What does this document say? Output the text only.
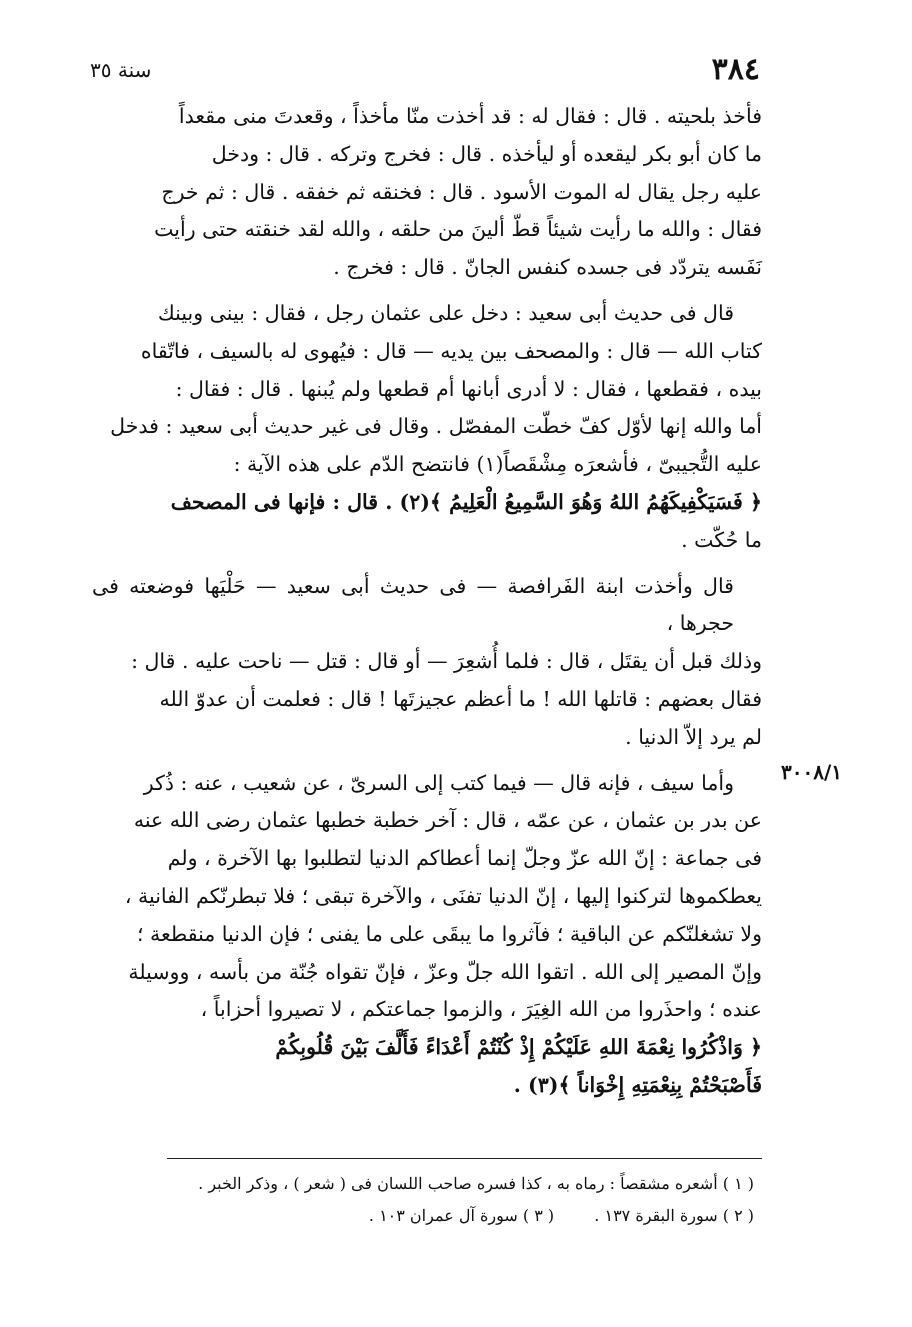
٣٨٤
سنة ٣٥
٣٠٠٨/١
فأخذ بلحيته . قال : فقال له : قد أخذت منّا مأخذاً ، وقعدتَ منى مقعداً
ما كان أبو بكر ليقعده أو ليأخذه . قال : فخرج وتركه . قال : ودخل
عليه رجل يقال له الموت الأسود . قال : فخنقه ثم خفقه . قال : ثم خرج
فقال : والله ما رأيت شيئاً قطّ ألينَ من حلقه ، والله لقد خنقته حتى رأيت
نَفَسه يتردّد فى جسده كنفس الجانّ . قال : فخرج .
قال فى حديث أبى سعيد : دخل على عثمان رجل ، فقال : بينى وبينك
كتاب الله — قال : والمصحف بين يديه — قال : فيُهوى له بالسيف ، فاتّقاه
بيده ، فقطعها ، فقال : لا أدرى أبانها أم قطعها ولم يُبنها . قال : فقال :
أما والله إنها لأوّل كفّ خطّت المفصّل . وقال فى غير حديث أبى سعيد : فدخل
عليه التُّجيبىّ ، فأشعرَه مِشْقَصاً(١) فانتضح الدّم على هذه الآية :
﴿ فَسَيَكْفِيكَهُمُ اللهُ وَهُوَ السَّمِيعُ الْعَلِيمُ ﴾(٢) . قال : فإنها فى المصحف
ما حُكّت .
قال وأخذت ابنة الفَرافصة — فى حديث أبى سعيد — حَلْيَها فوضعته فى حجرها ،
وذلك قبل أن يقتَل ، قال : فلما أُشعِرَ — أو قال : قتل — ناحت عليه . قال :
فقال بعضهم : قاتلها الله ! ما أعظم عجيزتَها ! قال : فعلمت أن عدوّ الله
لم يرد إلاّ الدنيا .
وأما سيف ، فإنه قال — فيما كتب إلى السرىّ ، عن شعيب ، عنه : ذُكر
عن بدر بن عثمان ، عن عمّه ، قال : آخر خطبة خطبها عثمان رضى الله عنه
فى جماعة : إنّ الله عزّ وجلّ إنما أعطاكم الدنيا لتطلبوا بها الآخرة ، ولم
يعطكموها لتركنوا إليها ، إنّ الدنيا تفنَى ، والآخرة تبقى ؛ فلا تبطرنّكم الفانية ،
ولا تشغلنّكم عن الباقية ؛ فآثروا ما يبقَى على ما يفنى ؛ فإن الدنيا منقطعة ؛
وإنّ المصير إلى الله . اتقوا الله جلّ وعزّ ، فإنّ تقواه جُنّة من بأسه ، ووسيلة
عنده ؛ واحذَروا من الله الغِيَرَ ، والزموا جماعتكم ، لا تصيروا أحزاباً ،
﴿ وَاذْكُرُوا نِعْمَةَ اللهِ عَلَيْكُمْ إِذْ كُنْتُمْ أَعْدَاءً فَأَلَّفَ بَيْنَ قُلُوبِكُمْ
فَأَصْبَحْتُمْ بِنِعْمَتِهِ إِخْوَاناً ﴾(٣) .
( ١ ) أشعره مشقصاً : رماه به ، كذا فسره صاحب اللسان فى ( شعر ) ، وذكر الخبر .
( ٢ ) سورة البقرة ١٣٧ .  ( ٣ ) سورة آل عمران ١٠٣ .
